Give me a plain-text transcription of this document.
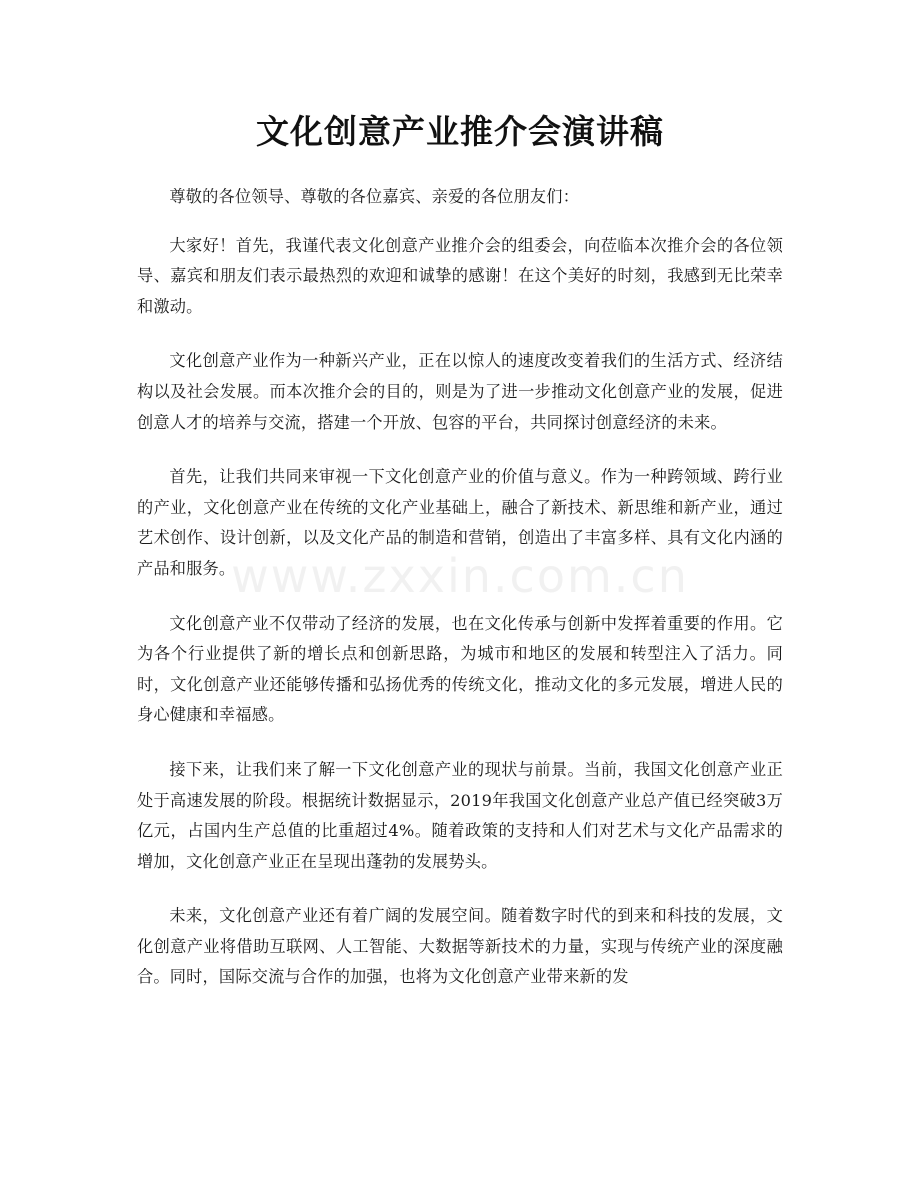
文化创意产业推介会演讲稿

尊敬的各位领导、尊敬的各位嘉宾、亲爱的各位朋友们：

大家好！首先，我谨代表文化创意产业推介会的组委会，向莅临本次推介会的各位领导、嘉宾和朋友们表示最热烈的欢迎和诚挚的感谢！在这个美好的时刻，我感到无比荣幸和激动。

文化创意产业作为一种新兴产业，正在以惊人的速度改变着我们的生活方式、经济结构以及社会发展。而本次推介会的目的，则是为了进一步推动文化创意产业的发展，促进创意人才的培养与交流，搭建一个开放、包容的平台，共同探讨创意经济的未来。

首先，让我们共同来审视一下文化创意产业的价值与意义。作为一种跨领域、跨行业的产业，文化创意产业在传统的文化产业基础上，融合了新技术、新思维和新产业，通过艺术创作、设计创新，以及文化产品的制造和营销，创造出了丰富多样、具有文化内涵的产品和服务。

文化创意产业不仅带动了经济的发展，也在文化传承与创新中发挥着重要的作用。它为各个行业提供了新的增长点和创新思路，为城市和地区的发展和转型注入了活力。同时，文化创意产业还能够传播和弘扬优秀的传统文化，推动文化的多元发展，增进人民的身心健康和幸福感。

接下来，让我们来了解一下文化创意产业的现状与前景。当前，我国文化创意产业正处于高速发展的阶段。根据统计数据显示，2019年我国文化创意产业总产值已经突破3万亿元，占国内生产总值的比重超过4%。随着政策的支持和人们对艺术与文化产品需求的增加，文化创意产业正在呈现出蓬勃的发展势头。

未来，文化创意产业还有着广阔的发展空间。随着数字时代的到来和科技的发展，文化创意产业将借助互联网、人工智能、大数据等新技术的力量，实现与传统产业的深度融合。同时，国际交流与合作的加强，也将为文化创意产业带来新的发

www.zxxin.com.cn
